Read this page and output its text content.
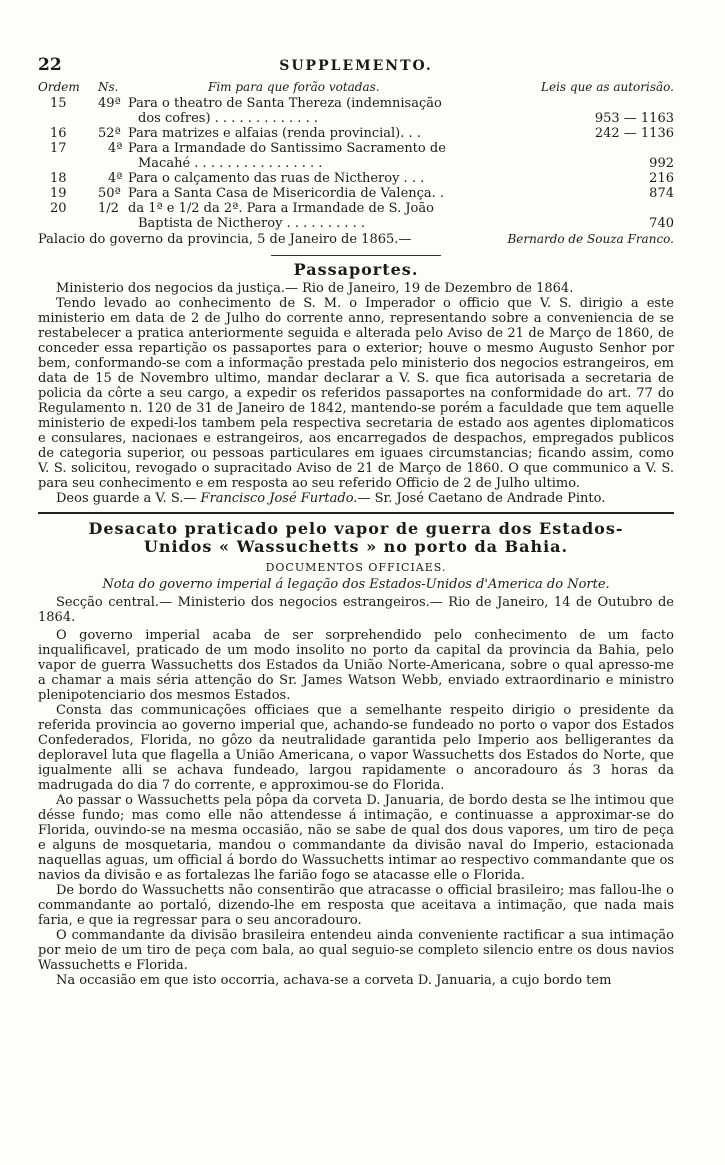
22	SUPPLEMENTO.
Ordem Ns.	Fim para que forão votadas.	Leis que as autorisão.
15 49ª Para o theatro de Santa Thereza (indemnisação
dos cofres) . . . . . . . . . . . . .	953 — 1163
16 52ª Para matrizes e alfaias (renda provincial). . .	242 — 1136
17	4ª Para a Irmandade do Santissimo Sacramento de
Macahé . . . . . . . . . . . . . . . .	992
18	4ª Para o calçamento das ruas de Nictheroy . . .	216
19 50ª Para a Santa Casa de Misericordia de Valença. .	874
20 1/2 da 1ª e 1/2 da 2ª. Para a Irmandade de S. João
Baptista de Nictheroy . . . . . . . . . .	740
Palacio do governo da provincia, 5 de Janeiro de 1865.—	Bernardo de Souza Franco.
Passaportes.

Ministerio dos negocios da justiça.— Rio de Janeiro, 19 de Dezembro de 1864.

Tendo levado ao conhecimento de S. M. o Imperador o officio que V. S. dirigio a este ministerio em data de 2 de Julho do corrente anno, representando sobre a conveniencia de se restabelecer a pratica anteriormente seguida e alterada pelo Aviso de 21 de Março de 1860, de conceder essa repartição os passaportes para o exterior; houve o mesmo Augusto Senhor por bem, conformando-se com a informação prestada pelo ministerio dos negocios estrangeiros, em data de 15 de Novembro ultimo, mandar declarar a V. S. que fica autorisada a secretaria de policia da côrte a seu cargo, a expedir os referidos passaportes na conformidade do art. 77 do Regulamento n. 120 de 31 de Janeiro de 1842, mantendo-se porém a faculdade que tem aquelle ministerio de expedi-los tambem pela respectiva secretaria de estado aos agentes diplomaticos e consulares, nacionaes e estrangeiros, aos encarregados de despachos, empregados publicos de categoria superior, ou pessoas particulares em iguaes circumstancias; ficando assim, como V. S. solicitou, revogado o supracitado Aviso de 21 de Março de 1860. O que communico a V. S. para seu conhecimento e em resposta ao seu referido Officio de 2 de Julho ultimo.

Deos guarde a V. S.— Francisco José Furtado.— Sr. José Caetano de Andrade Pinto.

Desacato praticado pelo vapor de guerra dos Estados-
Unidos « Wassuchetts » no porto da Bahia.
DOCUMENTOS OFFICIAES.
Nota do governo imperial á legação dos Estados-Unidos d'America do Norte.

Secção central.— Ministerio dos negocios estrangeiros.— Rio de Janeiro, 14 de Outubro de 1864.

O governo imperial acaba de ser sorprehendido pelo conhecimento de um facto inqualificavel, praticado de um modo insolito no porto da capital da provincia da Bahia, pelo vapor de guerra Wassuchetts dos Estados da União Norte-Americana, sobre o qual apresso-me a chamar a mais séria attenção do Sr. James Watson Webb, enviado extraordinario e ministro plenipotenciario dos mesmos Estados.

Consta das communicações officiaes que a semelhante respeito dirigio o presidente da referida provincia ao governo imperial que, achando-se fundeado no porto o vapor dos Estados Confederados, Florida, no gôzo da neutralidade garantida pelo Imperio aos belligerantes da deploravel luta que flagella a União Americana, o vapor Wassuchetts dos Estados do Norte, que igualmente alli se achava fundeado, largou rapidamente o ancoradouro ás 3 horas da madrugada do dia 7 do corrente, e approximou-se do Florida.

Ao passar o Wassuchetts pela pôpa da corveta D. Januaria, de bordo desta se lhe intimou que désse fundo; mas como elle não attendesse á intimação, e continuasse a approximar-se do Florida, ouvindo-se na mesma occasião, não se sabe de qual dos dous vapores, um tiro de peça e alguns de mosquetaria, mandou o commandante da divisão naval do Imperio, estacionada naquellas aguas, um official á bordo do Wassuchetts intimar ao respectivo commandante que os navios da divisão e as fortalezas lhe farião fogo se atacasse elle o Florida.

De bordo do Wassuchetts não consentirão que atracasse o official brasileiro; mas fallou-lhe o commandante ao portaló, dizendo-lhe em resposta que aceitava a intimação, que nada mais faria, e que ia regressar para o seu ancoradouro.

O commandante da divisão brasileira entendeu ainda conveniente ractificar a sua intimação por meio de um tiro de peça com bala, ao qual seguio-se completo silencio entre os dous navios Wassuchetts e Florida.

Na occasião em que isto occorria, achava-se a corveta D. Januaria, a cujo bordo tem
